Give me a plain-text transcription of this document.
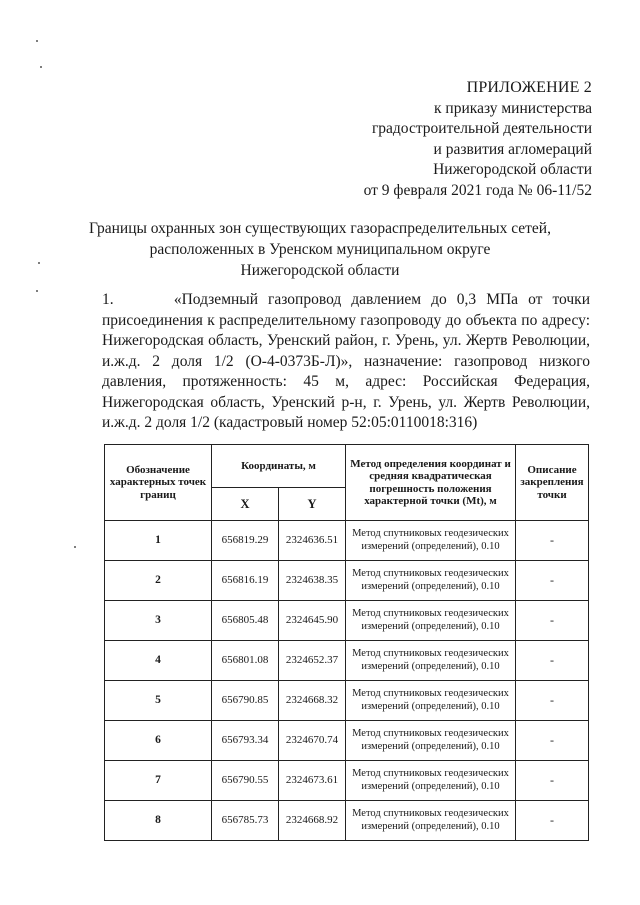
ПРИЛОЖЕНИЕ 2
к приказу министерства
градостроительной деятельности
и развития агломераций
Нижегородской области
от 9 февраля 2021 года № 06-11/52
Границы охранных зон существующих газораспределительных сетей,
расположенных в Уренском муниципальном округе
Нижегородской области
1.      «Подземный газопровод давлением до 0,3 МПа от точки присоединения к распределительному газопроводу до объекта по адресу: Нижегородская область, Уренский район, г. Урень, ул. Жертв Революции, и.ж.д. 2 доля 1/2 (О-4-0373Б-Л)», назначение: газопровод низкого давления, протяженность: 45 м, адрес: Российская Федерация, Нижегородская область, Уренский р-н, г. Урень, ул. Жертв Революции, и.ж.д. 2 доля 1/2 (кадастровый номер 52:05:0110018:316)
Обозначение характерных точек границ	Координаты, м		Метод определения координат и средняя квадратическая погрешность положения характерной точки (Mt), м	Описание закрепления точки
	X	Y		
1	656819.29	2324636.51	Метод спутниковых геодезических измерений (определений), 0.10	-
2	656816.19	2324638.35	Метод спутниковых геодезических измерений (определений), 0.10	-
3	656805.48	2324645.90	Метод спутниковых геодезических измерений (определений), 0.10	-
4	656801.08	2324652.37	Метод спутниковых геодезических измерений (определений), 0.10	-
5	656790.85	2324668.32	Метод спутниковых геодезических измерений (определений), 0.10	-
6	656793.34	2324670.74	Метод спутниковых геодезических измерений (определений), 0.10	-
7	656790.55	2324673.61	Метод спутниковых геодезических измерений (определений), 0.10	-
8	656785.73	2324668.92	Метод спутниковых геодезических измерений (определений), 0.10	-
